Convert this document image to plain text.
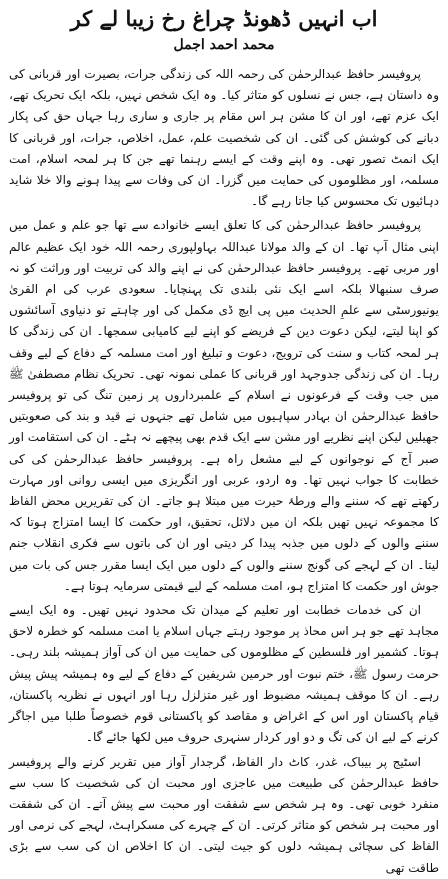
اب انہیں ڈھونڈ چراغ رخ زیبا لے کر
محمد احمد اجمل

پروفیسر حافظ عبدالرحمٰن کی رحمہ اللہ کی زندگی جرات، بصیرت اور قربانی کی وہ داستان ہے، جس نے نسلوں کو متاثر کیا۔ وہ ایک شخص نہیں، بلکہ ایک تحریک تھے، ایک عزم تھے، اور ان کا مشن ہر اس مقام پر جاری و ساری رہا جہاں حق کی پکار دبانے کی کوشش کی گئی۔ ان کی شخصیت علم، عمل، اخلاص، جرات، اور قربانی کا ایک انمٹ تصور تھی۔ وہ اپنے وقت کے ایسے رہنما تھے جن کا ہر لمحہ اسلام، امت مسلمہ، اور مظلوموں کی حمایت میں گزرا۔ ان کی وفات سے پیدا ہونے والا خلا شاید دہائیوں تک محسوس کیا جاتا رہے گا۔

پروفیسر حافظ عبدالرحمٰن کی کا تعلق ایسے خانوادے سے تھا جو علم و عمل میں اپنی مثال آپ تھا۔ ان کے والد مولانا عبداللہ بہاولپوری رحمہ اللہ خود ایک عظیم عالم اور مربی تھے۔ پروفیسر حافظ عبدالرحمٰن کی نے اپنے والد کی تربیت اور وراثت کو نہ صرف سنبھالا بلکہ اسے ایک نئی بلندی تک پہنچایا۔ سعودی عرب کی ام القریٰ یونیورسٹی سے علمِ الحدیث میں پی ایچ ڈی مکمل کی اور چاہتے تو دنیاوی آسائشوں کو اپنا لیتے، لیکن دعوت دین کے فریضے کو اپنے لیے کامیابی سمجھا۔ ان کی زندگی کا ہر لمحہ کتاب و سنت کی ترویج، دعوت و تبلیغ اور امت مسلمہ کے دفاع کے لیے وقف رہا۔ ان کی زندگی جدوجہد اور قربانی کا عملی نمونہ تھی۔ تحریک نظام مصطفیٰ ﷺ میں جب وقت کے فرعونوں نے اسلام کے علمبرداروں پر زمین تنگ کی تو پروفیسر حافظ عبدالرحمٰن ان بہادر سپاہیوں میں شامل تھے جنہوں نے قید و بند کی صعوبتیں جھیلیں لیکن اپنے نظریے اور مشن سے ایک قدم بھی پیچھے نہ ہٹے۔ ان کی استقامت اور صبر آج کے نوجوانوں کے لیے مشعل راہ ہے۔ پروفیسر حافظ عبدالرحمٰن کی کی خطابت کا جواب نہیں تھا۔ وہ اردو، عربی اور انگریزی میں ایسی روانی اور مہارت رکھتے تھے کہ سننے والے ورطۂ حیرت میں مبتلا ہو جاتے۔ ان کی تقریریں محض الفاظ کا مجموعہ نہیں تھیں بلکہ ان میں دلائل، تحقیق، اور حکمت کا ایسا امتزاج ہوتا کہ سننے والوں کے دلوں میں جذبہ پیدا کر دیتی اور ان کی باتوں سے فکری انقلاب جنم لیتا۔ ان کے لہجے کی گونج سننے والوں کے دلوں میں ایک ایسا مقرر جس کی بات میں جوش اور حکمت کا امتزاج ہو، امت مسلمہ کے لیے قیمتی سرمایہ ہوتا ہے۔

ان کی خدمات خطابت اور تعلیم کے میدان تک محدود نہیں تھیں۔ وہ ایک ایسے مجاہد تھے جو ہر اس محاذ پر موجود رہتے جہاں اسلام یا امت مسلمہ کو خطرہ لاحق ہوتا۔ کشمیر اور فلسطین کے مظلوموں کی حمایت میں ان کی آواز ہمیشہ بلند رہی۔ حرمت رسول ﷺ، ختم نبوت اور حرمین شریفین کے دفاع کے لیے وہ ہمیشہ پیش پیش رہے۔ ان کا موقف ہمیشہ مضبوط اور غیر متزلزل رہا اور انہوں نے نظریہ پاکستان، قیام پاکستان اور اس کے اغراض و مقاصد کو پاکستانی قوم خصوصاً طلبا میں اجاگر کرنے کے لیے ان کی تگ و دو اور کردار سنہری حروف میں لکھا جائے گا۔

اسٹیج پر بیباک، غدر، کاٹ دار الفاظ، گرجدار آواز میں تقریر کرنے والے پروفیسر حافظ عبدالرحمٰن کی طبیعت میں عاجزی اور محبت ان کی شخصیت کا سب سے منفرد خوبی تھی۔ وہ ہر شخص سے شفقت اور محبت سے پیش آتے۔ ان کی شفقت اور محبت ہر شخص کو متاثر کرتی۔ ان کے چہرے کی مسکراہٹ، لہجے کی نرمی اور الفاظ کی سچائی ہمیشہ دلوں کو جیت لیتی۔ ان کا اخلاص ان کی سب سے بڑی طاقت تھی
